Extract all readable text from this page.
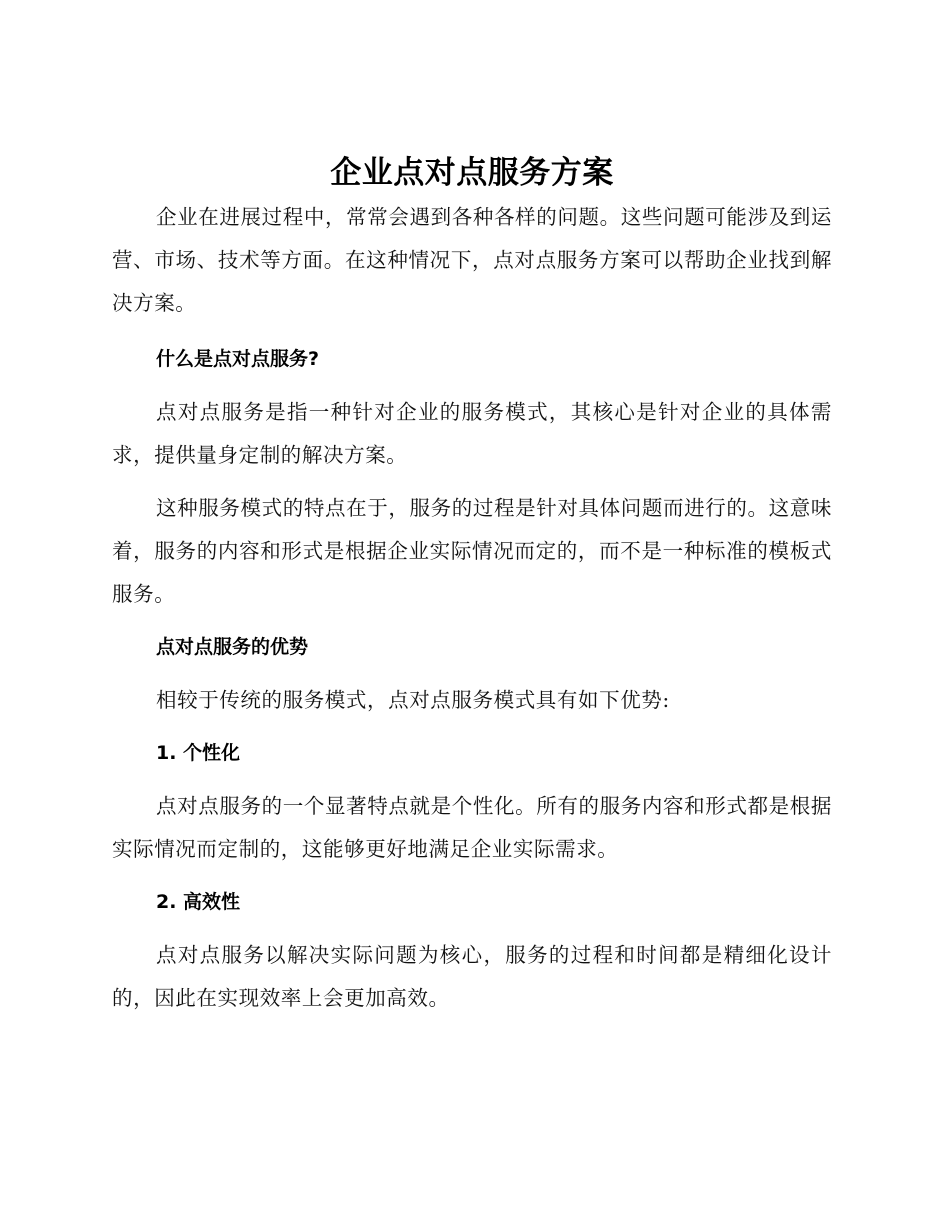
企业点对点服务方案

企业在进展过程中，常常会遇到各种各样的问题。这些问题可能涉及到运营、市场、技术等方面。在这种情况下，点对点服务方案可以帮助企业找到解决方案。

什么是点对点服务?

点对点服务是指一种针对企业的服务模式，其核心是针对企业的具体需求，提供量身定制的解决方案。

这种服务模式的特点在于，服务的过程是针对具体问题而进行的。这意味着，服务的内容和形式是根据企业实际情况而定的，而不是一种标准的模板式服务。

点对点服务的优势

相较于传统的服务模式，点对点服务模式具有如下优势:

1. 个性化

点对点服务的一个显著特点就是个性化。所有的服务内容和形式都是根据实际情况而定制的，这能够更好地满足企业实际需求。

2. 高效性

点对点服务以解决实际问题为核心，服务的过程和时间都是精细化设计的，因此在实现效率上会更加高效。
